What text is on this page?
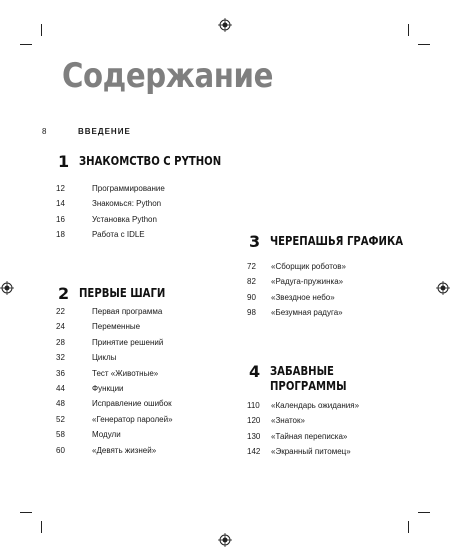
Содержание
8	ВВЕДЕНИЕ
1 ЗНАКОМСТВО С PYTHON
12	Программирование
14	Знакомься: Python
16	Установка Python
18	Работа с IDLE
2 ПЕРВЫЕ ШАГИ
22	Первая программа
24	Переменные
28	Принятие решений
32	Циклы
36	Тест «Животные»
44	Функции
48	Исправление ошибок
52	«Генератор паролей»
58	Модули
60	«Девять жизней»
3 ЧЕРЕПАШЬЯ ГРАФИКА
72	«Сборщик роботов»
82	«Радуга-пружинка»
90	«Звездное небо»
98	«Безумная радуга»
4 ЗАБАВНЫЕ
ПРОГРАММЫ
110	«Календарь ожидания»
120	«Знаток»
130	«Тайная переписка»
142	«Экранный питомец»
